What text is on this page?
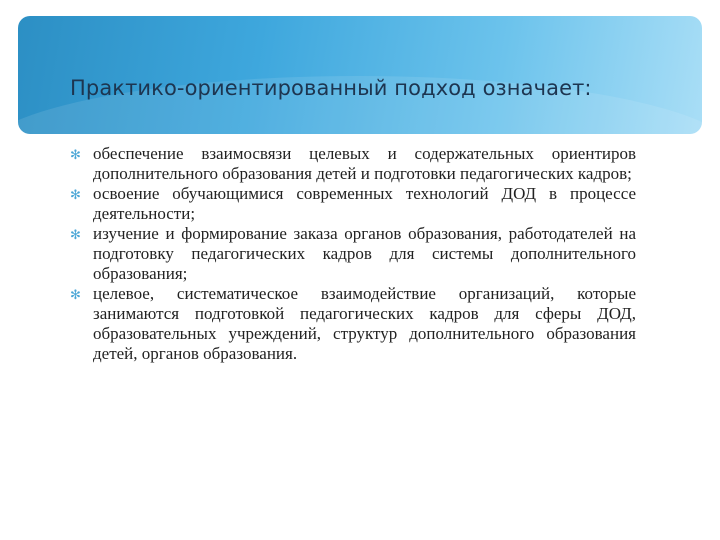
Практико-ориентированный подход означает:
✻ обеспечение взаимосвязи целевых и содержательных ориентиров дополнительного образования детей и подготовки педагогических кадров;
✻ освоение обучающимися современных технологий ДОД в процессе деятельности;
✻ изучение и формирование заказа органов образования, работодателей на подготовку педагогических кадров для системы дополнительного образования;
✻ целевое, систематическое взаимодействие организаций, которые занимаются подготовкой педагогических кадров для сферы ДОД, образовательных учреждений, структур дополнительного образования детей, органов образования.
